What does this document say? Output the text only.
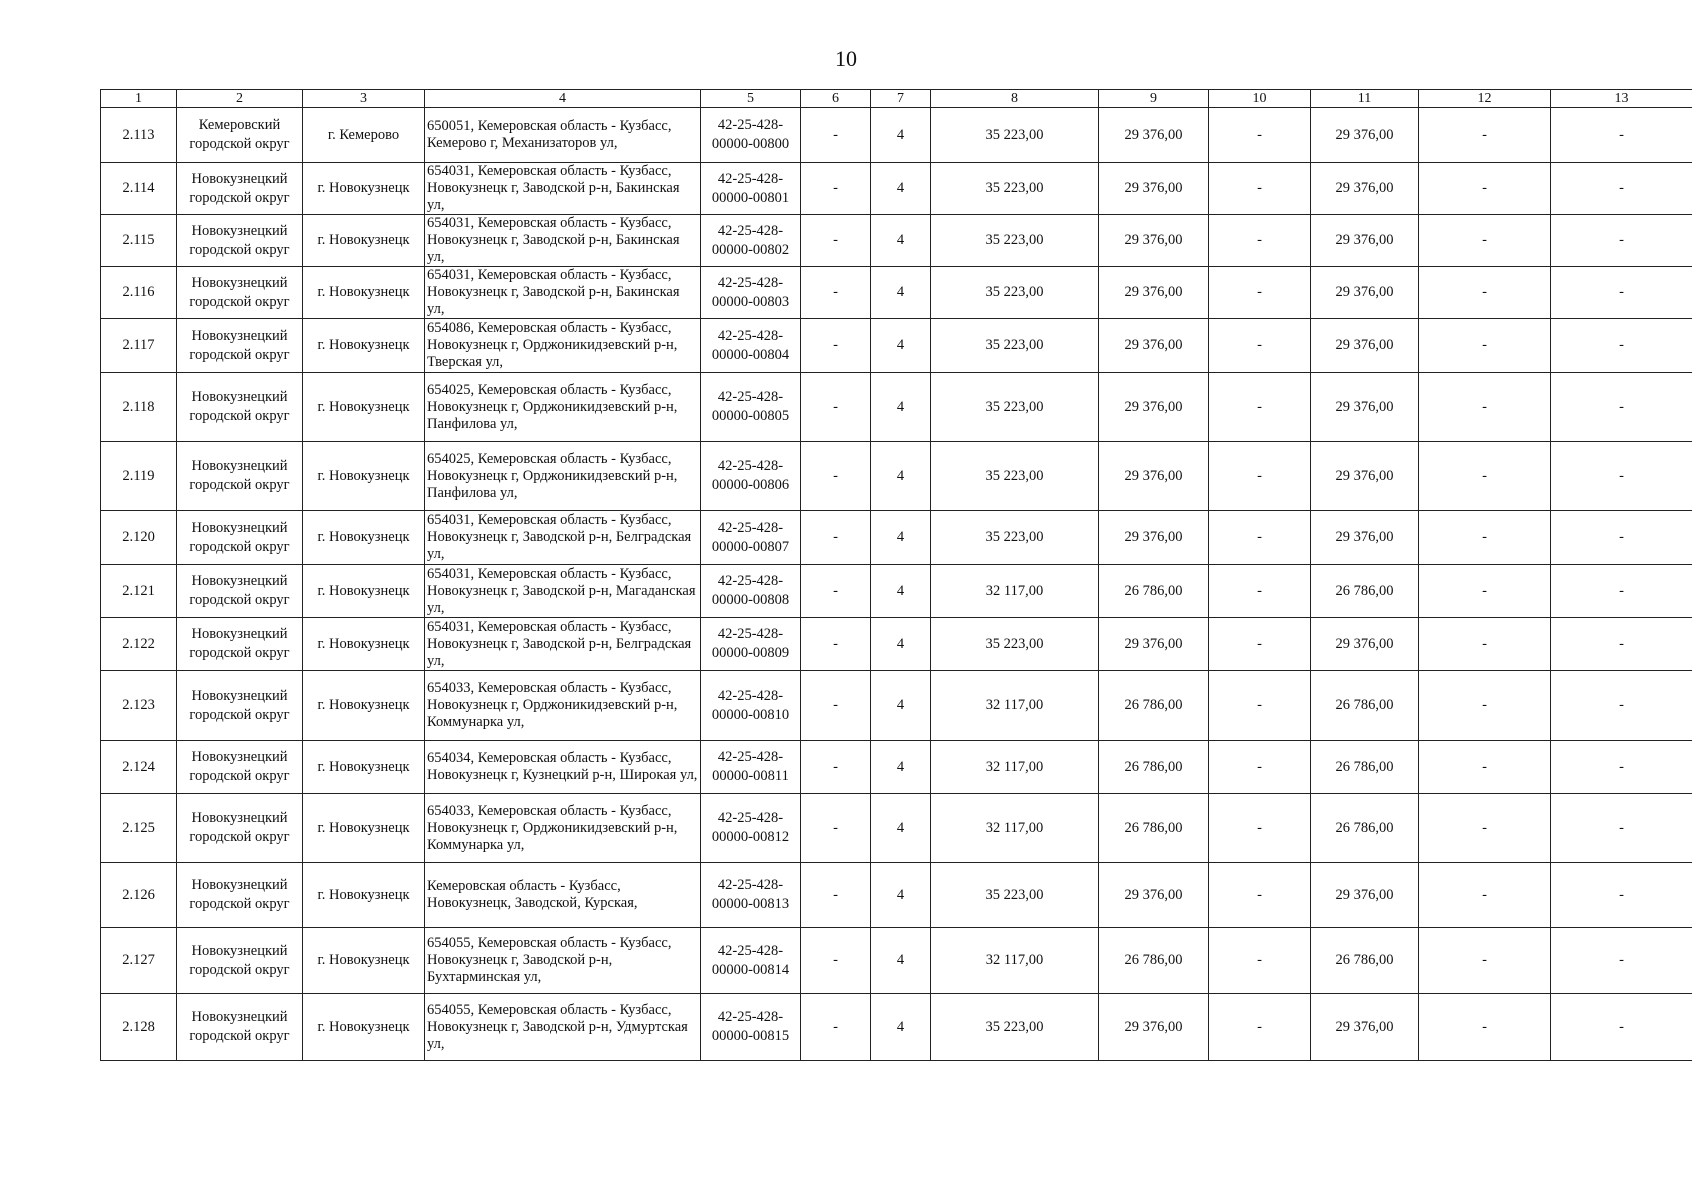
10
1	2	3	4	5	6	7	8	9	10	11	12	13
2.113	Кемеровский городской округ	г. Кемерово	650051, Кемеровская область - Кузбасс, Кемерово г, Механизаторов ул,	42-25-428-00000-00800	-	4	35 223,00	29 376,00	-	29 376,00	-	-
2.114	Новокузнецкий городской округ	г. Новокузнецк	654031, Кемеровская область - Кузбасс, Новокузнецк г, Заводской р-н, Бакинская ул,	42-25-428-00000-00801	-	4	35 223,00	29 376,00	-	29 376,00	-	-
2.115	Новокузнецкий городской округ	г. Новокузнецк	654031, Кемеровская область - Кузбасс, Новокузнецк г, Заводской р-н, Бакинская ул,	42-25-428-00000-00802	-	4	35 223,00	29 376,00	-	29 376,00	-	-
2.116	Новокузнецкий городской округ	г. Новокузнецк	654031, Кемеровская область - Кузбасс, Новокузнецк г, Заводской р-н, Бакинская ул,	42-25-428-00000-00803	-	4	35 223,00	29 376,00	-	29 376,00	-	-
2.117	Новокузнецкий городской округ	г. Новокузнецк	654086, Кемеровская область - Кузбасс, Новокузнецк г, Орджоникидзевский р-н, Тверская ул,	42-25-428-00000-00804	-	4	35 223,00	29 376,00	-	29 376,00	-	-
2.118	Новокузнецкий городской округ	г. Новокузнецк	654025, Кемеровская область - Кузбасс, Новокузнецк г, Орджоникидзевский р-н, Панфилова ул,	42-25-428-00000-00805	-	4	35 223,00	29 376,00	-	29 376,00	-	-
2.119	Новокузнецкий городской округ	г. Новокузнецк	654025, Кемеровская область - Кузбасс, Новокузнецк г, Орджоникидзевский р-н, Панфилова ул,	42-25-428-00000-00806	-	4	35 223,00	29 376,00	-	29 376,00	-	-
2.120	Новокузнецкий городской округ	г. Новокузнецк	654031, Кемеровская область - Кузбасс, Новокузнецк г, Заводской р-н, Белградская ул,	42-25-428-00000-00807	-	4	35 223,00	29 376,00	-	29 376,00	-	-
2.121	Новокузнецкий городской округ	г. Новокузнецк	654031, Кемеровская область - Кузбасс, Новокузнецк г, Заводской р-н, Магаданская ул,	42-25-428-00000-00808	-	4	32 117,00	26 786,00	-	26 786,00	-	-
2.122	Новокузнецкий городской округ	г. Новокузнецк	654031, Кемеровская область - Кузбасс, Новокузнецк г, Заводской р-н, Белградская ул,	42-25-428-00000-00809	-	4	35 223,00	29 376,00	-	29 376,00	-	-
2.123	Новокузнецкий городской округ	г. Новокузнецк	654033, Кемеровская область - Кузбасс, Новокузнецк г, Орджоникидзевский р-н, Коммунарка ул,	42-25-428-00000-00810	-	4	32 117,00	26 786,00	-	26 786,00	-	-
2.124	Новокузнецкий городской округ	г. Новокузнецк	654034, Кемеровская область - Кузбасс, Новокузнецк г, Кузнецкий р-н, Широкая ул,	42-25-428-00000-00811	-	4	32 117,00	26 786,00	-	26 786,00	-	-
2.125	Новокузнецкий городской округ	г. Новокузнецк	654033, Кемеровская область - Кузбасс, Новокузнецк г, Орджоникидзевский р-н, Коммунарка ул,	42-25-428-00000-00812	-	4	32 117,00	26 786,00	-	26 786,00	-	-
2.126	Новокузнецкий городской округ	г. Новокузнецк	Кемеровская область - Кузбасс, Новокузнецк, Заводской, Курская,	42-25-428-00000-00813	-	4	35 223,00	29 376,00	-	29 376,00	-	-
2.127	Новокузнецкий городской округ	г. Новокузнецк	654055, Кемеровская область - Кузбасс, Новокузнецк г, Заводской р-н, Бухтарминская ул,	42-25-428-00000-00814	-	4	32 117,00	26 786,00	-	26 786,00	-	-
2.128	Новокузнецкий городской округ	г. Новокузнецк	654055, Кемеровская область - Кузбасс, Новокузнецк г, Заводской р-н, Удмуртская ул,	42-25-428-00000-00815	-	4	35 223,00	29 376,00	-	29 376,00	-	-
